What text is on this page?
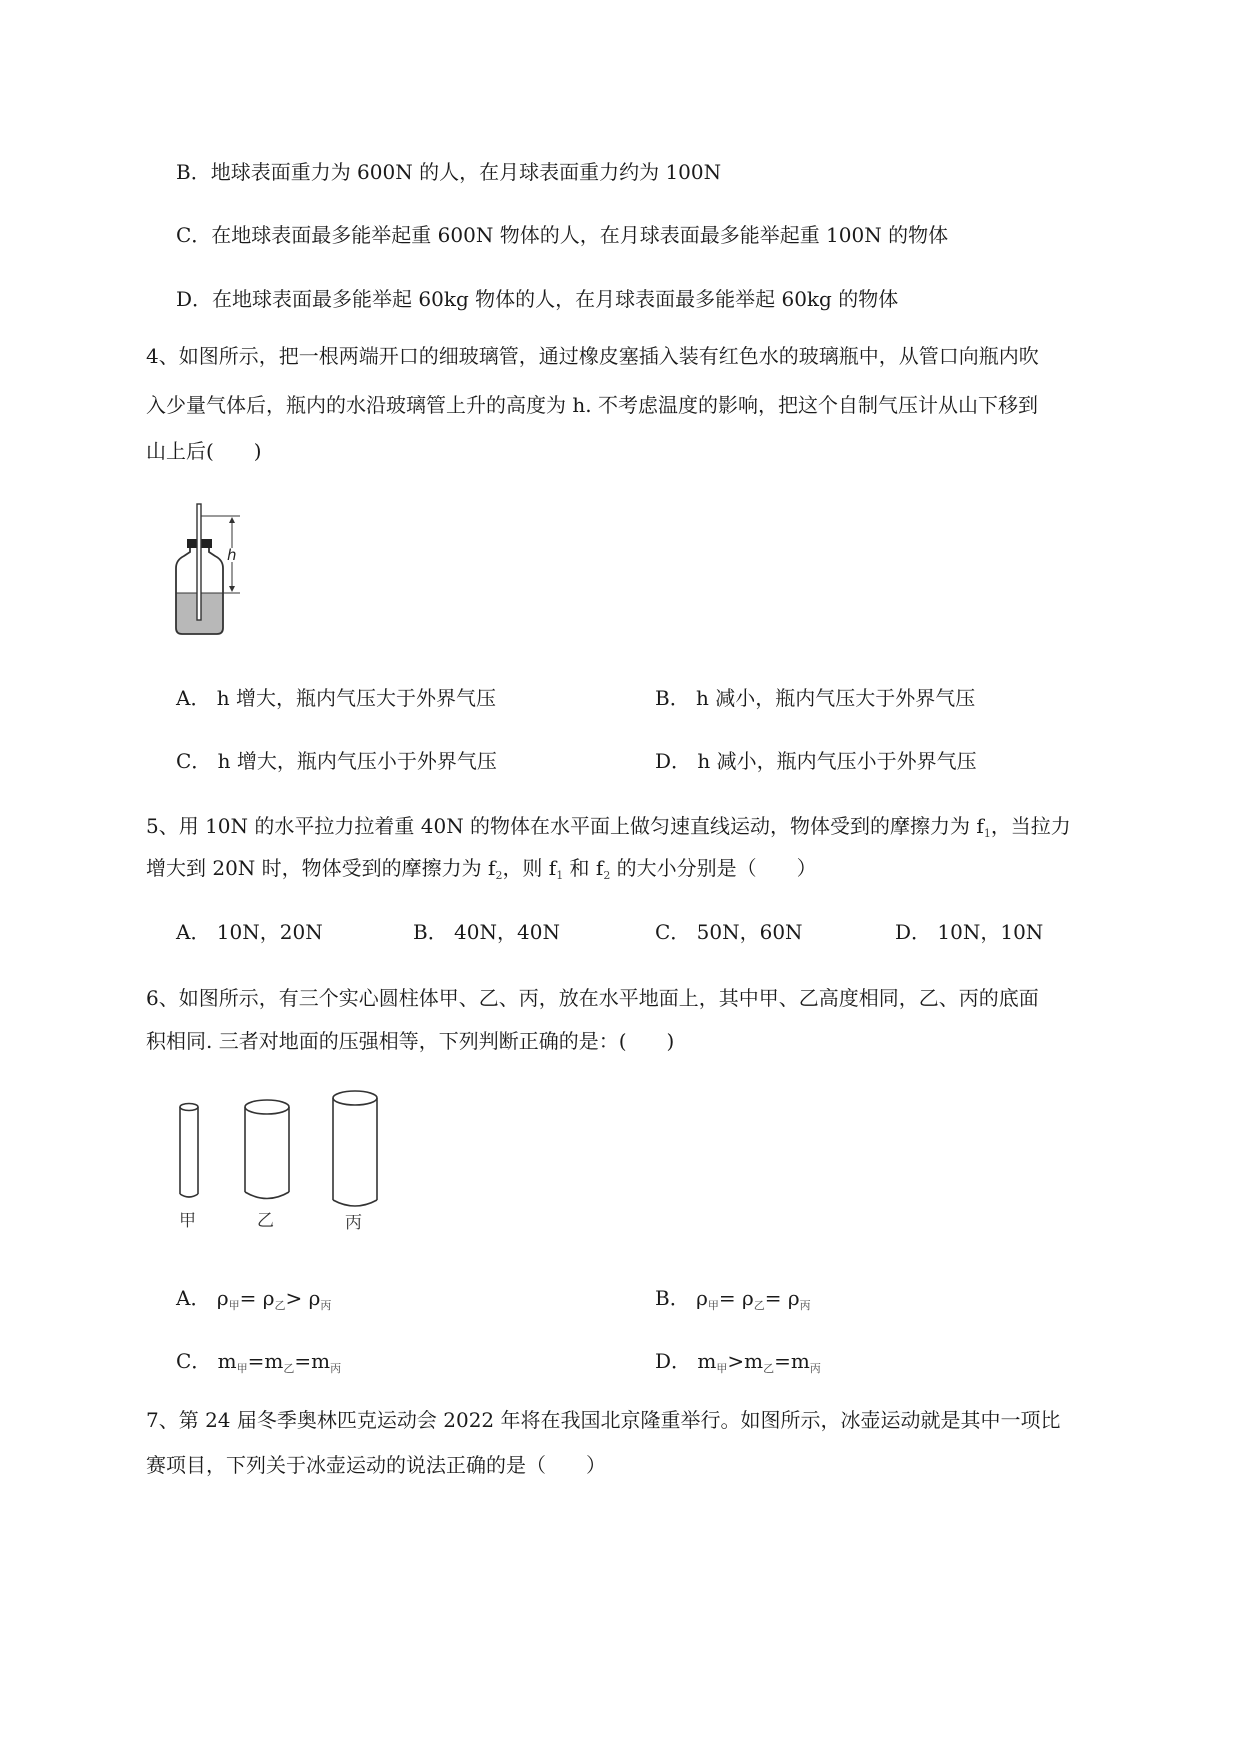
B．地球表面重力为 600N 的人，在月球表面重力约为 100N
C．在地球表面最多能举起重 600N 物体的人，在月球表面最多能举起重 100N 的物体
D．在地球表面最多能举起 60kg 物体的人，在月球表面最多能举起 60kg 的物体
4、如图所示，把一根两端开口的细玻璃管，通过橡皮塞插入装有红色水的玻璃瓶中，从管口向瓶内吹
入少量气体后，瓶内的水沿玻璃管上升的高度为 h. 不考虑温度的影响，把这个自制气压计从山下移到
山上后(　　)
h
A． h 增大，瓶内气压大于外界气压	B． h 减小，瓶内气压大于外界气压
C． h 增大，瓶内气压小于外界气压	D． h 减小，瓶内气压小于外界气压
5、用 10N 的水平拉力拉着重 40N 的物体在水平面上做匀速直线运动，物体受到的摩擦力为 $f_1$，当拉力
增大到 20N 时，物体受到的摩擦力为 $f_2$，则 $f_1$ 和 $f_2$ 的大小分别是（　　）
A． 10N，20N	B． 40N，40N	C． 50N，60N	D． 10N，10N
6、如图所示，有三个实心圆柱体甲、乙、丙，放在水平地面上，其中甲、乙高度相同，乙、丙的底面
积相同. 三者对地面的压强相等，下列判断正确的是：(　　)
甲	乙	丙
A． $\rho_甲= \rho_乙> \rho_丙$	B． $\rho_甲= \rho_乙= \rho_丙$
C． $m_甲=m_乙=m_丙$	D． $m_甲>m_乙=m_丙$
7、第 24 届冬季奥林匹克运动会 2022 年将在我国北京隆重举行。如图所示，冰壶运动就是其中一项比
赛项目，下列关于冰壶运动的说法正确的是（　　）
